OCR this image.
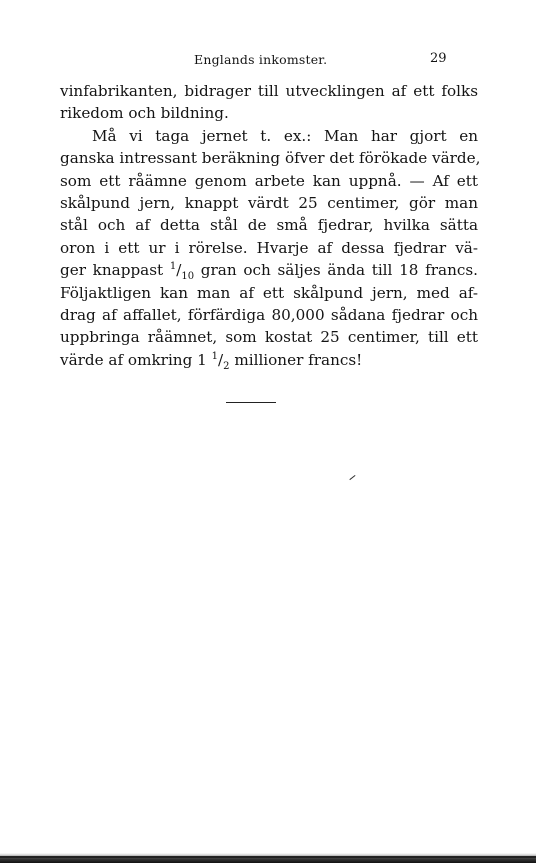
Englands inkomster.	29
vinfabrikanten, bidrager till utvecklingen af ett folks
rikedom och bildning.
Må vi taga jernet t. ex.: Man har gjort en
ganska intressant beräkning öfver det förökade värde,
som ett råämne genom arbete kan uppnå. — Af ett
skålpund jern, knappt värdt 25 centimer, gör man
stål och af detta stål de små fjedrar, hvilka sätta
oron i ett ur i rörelse. Hvarje af dessa fjedrar vä-
ger knappast $^1/_{10}$ gran och säljes ända till 18 francs.
Följaktligen kan man af ett skålpund jern, med af-
drag af affallet, förfärdiga 80,000 sådana fjedrar och
uppbringa råämnet, som kostat 25 centimer, till ett
värde af omkring 1 $^1/_2$ millioner francs!
